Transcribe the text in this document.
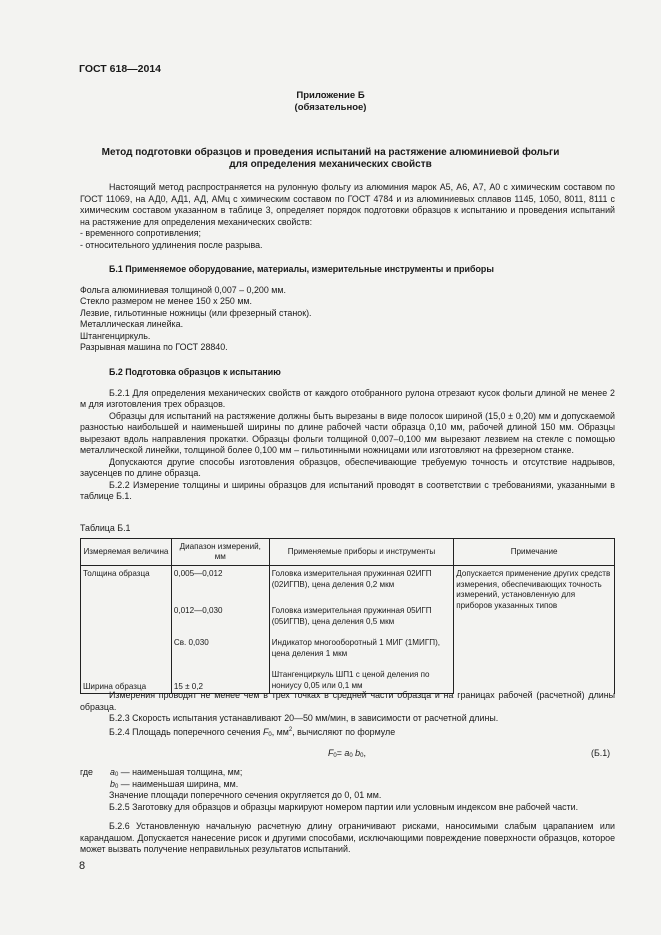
ГОСТ 618—2014
Приложение Б
(обязательное)
Метод подготовки образцов и проведения испытаний на растяжение алюминиевой фольги
для определения механических свойств

Настоящий метод распространяется на рулонную фольгу из алюминия марок А5, А6, А7, А0 с химическим составом по ГОСТ 11069, на АД0, АД1, АД, АМц с химическим составом по ГОСТ 4784 и из алюминиевых сплавов 1145, 1050, 8011, 8111 с химическим составом указанном в таблице 3, определяет порядок подготовки образцов к испытанию и проведения испытаний на растяжение для определения механических свойств:

- временного сопротивления;

- относительного удлинения после разрыва.

Б.1 Применяемое оборудование, материалы, измерительные инструменты и приборы

Фольга алюминиевая толщиной 0,007 – 0,200 мм.

Стекло размером не менее 150 х 250 мм.

Лезвие, гильотинные ножницы (или фрезерный станок).

Металлическая линейка.

Штангенциркуль.

Разрывная машина по ГОСТ 28840.

Б.2 Подготовка образцов к испытанию

Б.2.1 Для определения механических свойств от каждого отобранного рулона отрезают кусок фольги длиной не менее 2 м для изготовления трех образцов.

Образцы для испытаний на растяжение должны быть вырезаны в виде полосок шириной (15,0 ± 0,20) мм и допускаемой разностью наибольшей и наименьшей ширины по длине рабочей части образца 0,10 мм, рабочей длиной 150 мм. Образцы вырезают вдоль направления прокатки. Образцы фольги толщиной 0,007–0,100 мм вырезают лезвием на стекле с помощью металлической линейки, толщиной более 0,100 мм – гильотинными ножницами или изготовляют на фрезерном станке.

Допускаются другие способы изготовления образцов, обеспечивающие требуемую точность и отсутствие надрывов, заусенцев по длине образца.

Б.2.2 Измерение толщины и ширины образцов для испытаний проводят в соответствии с требованиями, указанными в таблице Б.1.

Таблица Б.1
Измеряемая величина	Диапазон измерений, мм	Применяемые приборы и инструменты	Примечание
Толщина образца	0,005—0,012	Головка измерительная пружинная 02ИГП (02ИГПВ), цена деления 0,2 мкм	Допускается применение других средств измерения, обеспечивающих точность измерений, установленную для приборов указанных типов
	0,012—0,030	Головка измерительная пружинная 05ИГП (05ИГПВ), цена деления 0,5 мкм	
	Св. 0,030	Индикатор многооборотный 1 МИГ (1МИГП), цена деления 1 мкм	
Ширина образца	15 ± 0,2	Штангенциркуль ШП1 с ценой деления по нониусу 0,05 или 0,1 мм	

Измерения проводят не менее чем в трех точках в средней части образца и на границах рабочей (расчетной) длины образца.

Б.2.3 Скорость испытания устанавливают 20—50 мм/мин, в зависимости от расчетной длины.

Б.2.4 Площадь поперечного сечения F0, $мм^2$, вычисляют по формуле

F0= a0 b0,	(Б.1)
где a0 — наименьшая толщина, мм;
b0 — наименьшая ширина, мм.

Значение площади поперечного сечения округляется до 0, 01 мм.

Б.2.5 Заготовку для образцов и образцы маркируют номером партии или условным индексом вне рабочей части.

Б.2.6 Установленную начальную расчетную длину ограничивают рисками, наносимыми слабым царапанием или карандашом. Допускается нанесение рисок и другими способами, исключающими повреждение поверхности образцов, которое может вызвать получение неправильных результатов испытаний.

8
